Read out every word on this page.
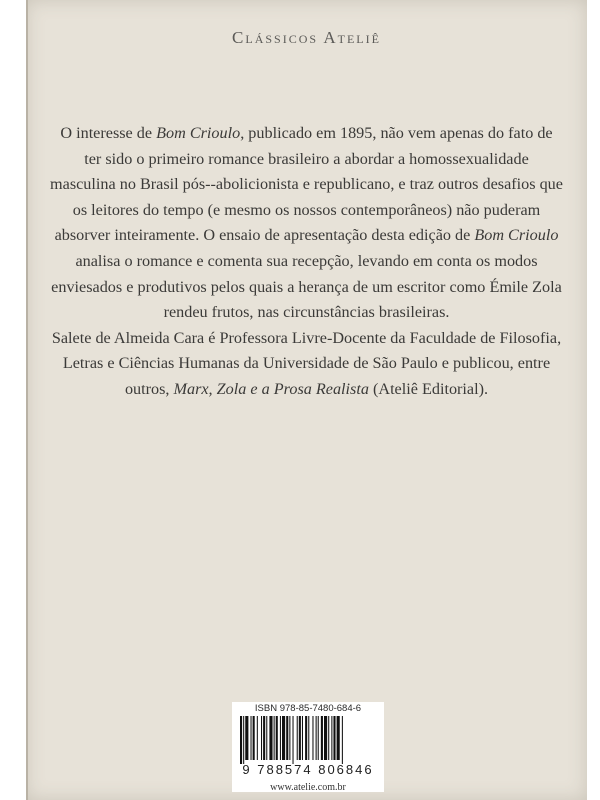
Clássicos Ateliê

O interesse de Bom Crioulo, publicado em 1895, não vem apenas do fato de ter sido o primeiro romance brasileiro a abordar a homossexualidade masculina no Brasil pós--abolicionista e republicano, e traz outros desafios que os leitores do tempo (e mesmo os nossos contemporâneos) não puderam absorver inteiramente. O ensaio de apresentação desta edição de Bom Crioulo analisa o romance e comenta sua recepção, levando em conta os modos enviesados e produtivos pelos quais a herança de um escritor como Émile Zola rendeu frutos, nas circunstâncias brasileiras.

Salete de Almeida Cara é Professora Livre-Docente da Faculdade de Filosofia, Letras e Ciências Humanas da Universidade de São Paulo e publicou, entre outros, Marx, Zola e a Prosa Realista (Ateliê Editorial).

ISBN 978-85-7480-684-6
9 788574 806846
www.atelie.com.br
